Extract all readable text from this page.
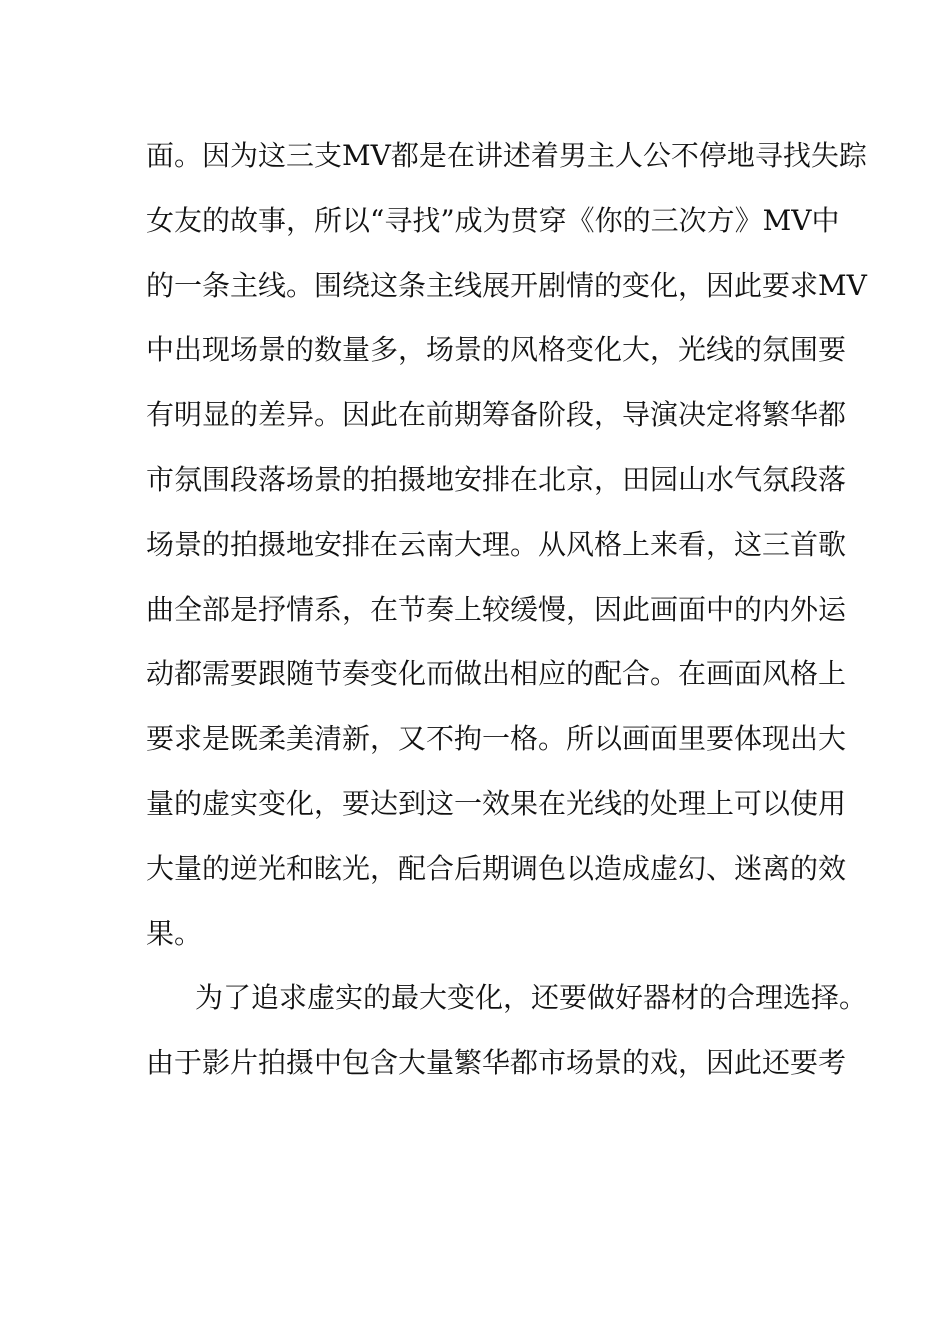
面。因为这三支MV都是在讲述着男主人公不停地寻找失踪
女友的故事，所以“寻找”成为贯穿《你的三次方》MV中
的一条主线。围绕这条主线展开剧情的变化，因此要求MV
中出现场景的数量多，场景的风格变化大，光线的氛围要
有明显的差异。因此在前期筹备阶段，导演决定将繁华都
市氛围段落场景的拍摄地安排在北京，田园山水气氛段落
场景的拍摄地安排在云南大理。从风格上来看，这三首歌
曲全部是抒情系，在节奏上较缓慢，因此画面中的内外运
动都需要跟随节奏变化而做出相应的配合。在画面风格上
要求是既柔美清新，又不拘一格。所以画面里要体现出大
量的虚实变化，要达到这一效果在光线的处理上可以使用
大量的逆光和眩光，配合后期调色以造成虚幻、迷离的效
果。
为了追求虚实的最大变化，还要做好器材的合理选择。
由于影片拍摄中包含大量繁华都市场景的戏，因此还要考
